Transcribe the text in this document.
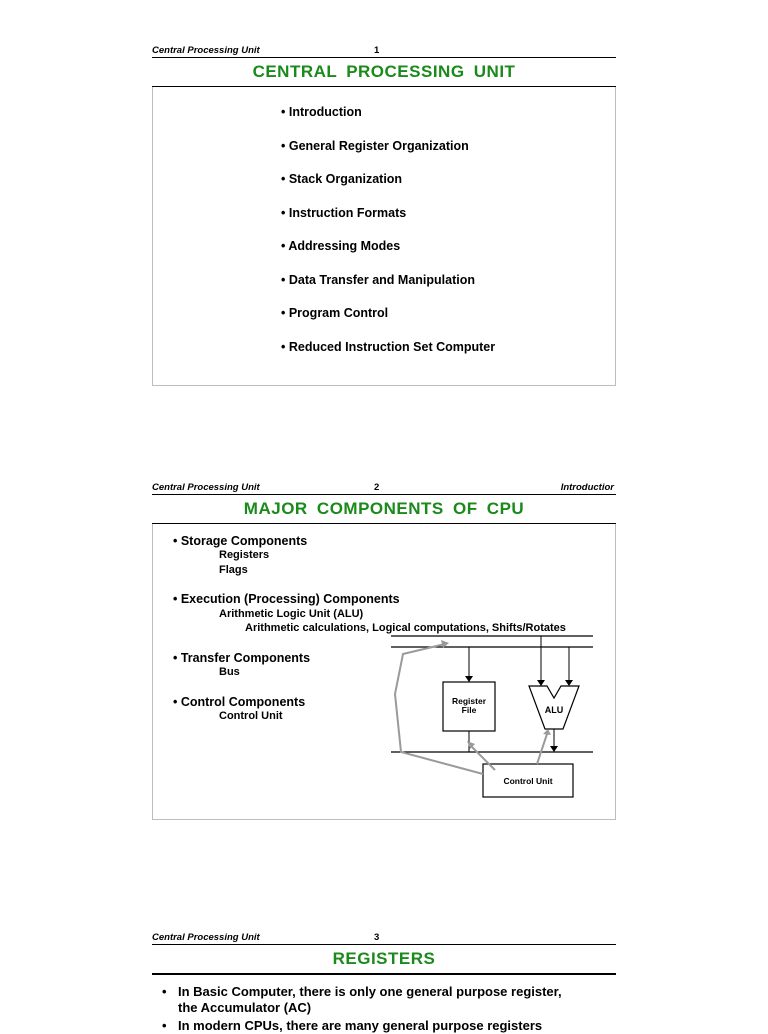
Central Processing Unit	1
CENTRAL PROCESSING UNIT
• Introduction
• General Register Organization
• Stack Organization
• Instruction Formats
• Addressing Modes
• Data Transfer and Manipulation
• Program Control
• Reduced Instruction Set Computer
Central Processing Unit	2	Introductior
MAJOR COMPONENTS OF CPU
• Storage Components
Registers
Flags
• Execution (Processing) Components
Arithmetic Logic Unit (ALU)
Arithmetic calculations, Logical computations, Shifts/Rotates
• Transfer Components
Bus
• Control Components
Control Unit
Register
File	ALU
Control Unit
Central Processing Unit	3
REGISTERS
• In Basic Computer, there is only one general purpose register,
the Accumulator (AC)
• In modern CPUs, there are many general purpose registers
